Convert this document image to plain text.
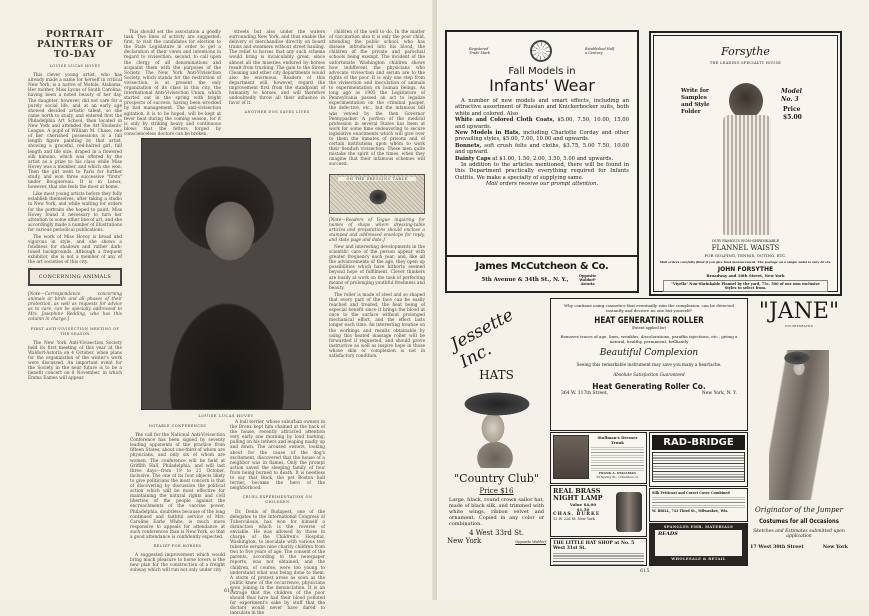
PORTRAIT PAINTERS OF TO-DAY
LOUISE LUCAS HOVEY

This clever young artist, who has already made a name for herself in critical New York, is a native of Mobile, Alabama. Her mother, Miss Lyons of South Carolina, having been a noted beauty of her day. The daughter, however, did not care for a purely social life, and at an early age showed decided artistic talent, so she came north to study, and entered first the Philadelphia Art School, then located in New York and attended the Art Students' League. A pupil of William M. Chase, one of her cherished possessions is a full length figure painting by that artist, showing a graceful, red-haired girl, full length and life size, draped in a flowered silk kimono, which was offered by the artist as a prize to his class while Miss Hovey was a member, and which she won. Then the girl went to Paris for further study, and won three successive "firsts" under Bouguereau. It is in Lenox, however, that she feels the most at home.

Like most young artists before they fully establish themselves, after taking a studio in New York, and while waiting for orders for the portraits she hoped to paint, Miss Hovey found it necessary to turn her attention to some other line of art, and she accordingly made a number of illustrations for various periodical publications.

The work of Miss Hovey is broad and vigorous in style, and she shows a fondness for shadows and rather dark-toned backgrounds. Although a frequent exhibitor, she is not a member of any of the art societies of this city.

CONCERNING ANIMALS

[Note—Correspondence concerning animals or birds and all phases of their protection, as well as requests for advice as to care, can be specially addressed to Mrs. Josephine Redding, who has this column in charge.]

FIRST ANTI-VIVISECTION MEETING OF THE SEASON

The New York Anti-Vivisection Society held its first meeting of this year at the Waldorf-Astoria on 4 October, when plans for the organization of the winter's work were discussed. An important event for the Society in the near future is to be a benefit concert on 8 November, in which Emma Eames will appear.

This should set the association a goodly task. Two lines of activity are suggested; first, to visit the candidates for election to the State Legislature in order to get a declaration of their views and intentions in regard to vivisection; second, to call upon the clergy of all denominations and acquaint them with the purposes of the Society. The New York Anti-Vivisection Society, which stands for the restriction of vivisection, is at present the only organization of its class in this city, the International Anti-Vivisection Union, which started out in the spring with bright prospects of success, having been wrecked by bad management. The anti-vivisection agitation, it is to be hoped, will be kept at fever heat during the coming season, for it is only by striking heavy and continuous blows that the fetters forged by conscienceless doctors can be broken.

streets but also under the waters surrounding New York, and thus enable the delivery of merchandise directly on board trains and steamers without street hauling. The relief to horses that any such scheme would bring is incalculably great, since almost all the miseries endured by horses result from trucking. The gain to the Street Cleaning and other city departments would also be enormous. Readers of this department will, however, regard the improvement first from the standpoint of humanity to horses, and will therefore undoubtedly throw all their influence in favor of it.

ANOTHER DOG SAVES LIVES
LOUISE LUCAS HOVEY
NOTABLE CONFERENCES

The call for the National Anti-Vivisection Conference has been signed by seventy leading opponents of the practice from fifteen States, about one-third of whom are physicians, and only six of whom are women. The conference will be held at Griffith Hall, Philadelphia, and will last three days—from 19 to 21 October, inclusive. The one of its four objects likely to give politicians the most concern is that of discovering by discussion the political action which will be most effective for maintaining the natural rights and civil liberties of the people against the encroachments of the vaccine power. Philadelphia, doubtless because of the long continued and faithful service of Mrs. Caroline Earle White, is much more responsive to appeals for attendance at such conferences than is New York, so that a good attendance is confidently expected.

RELIEF FOR HORSES

A suggested improvement which would bring much pleasure to horse lovers is the new plan for the construction of a freight subway which will run not only under city

A bull terrier, whose suburban owners in the Bronx kept him chained at the back of the house, recently attracted attention very early one morning by loud barking, pulling on his tethers and leaping madly up and down. The aroused owners, looking about for the cause of the dog's excitement, discovered that the house of a neighbor was in flames. Only the prompt action saved the sleeping family of four from being burned to death. It is needless to say that Buck, the pet Boston bull terrier, became the hero of the neighborhood.

CRUEL EXPERIMENTATION ON CHILDREN

Dr. Denis of Budapest, one of the delegates to the International Congress of Tuberculosis, has won for himself a distinction which is the reverse of enviable. He was allowed by those in charge of the Children's Hospital, Washington, to inoculate with various test tubercle serums nine charity children from two to five years of age. The consent of the parents, according to the newspaper reports, was not obtained, and the children, of course, were too young to understand what was being done to them. A storm of protest arose as soon as the public knew of the occurrence, physicians even joining in the denunciation. It is an outrage that the children of the poor should thus have had their blood polluted for experiment's sake by stuff that the doctors would never have dared to inoculate in the

children of the well to do. In the matter of vaccination also it is only the poor child, attending the public school, who has disease introduced into his blood, the children of the private and parochial schools being exempt. The incident of the unfortunate Washington children shows how indifferent the physicians who advocate vivisection and serum are to the rights of the poor. It is only one step from the vivisection and inoculation of animals to experimentation on human beings. As long ago as 1905 the Legislature of Pennsylvania passed an act to legalize experimentation on the criminal pauper, the defective, etc., but the infamous bill was vetoed by the then Governor Pennypacker. A portion of the medical profession in several States has been at work for some time endeavoring to secure legislative enactments which will give over to them the inmates of prisons and of certain institutions upon whom to work their fiendish vivisection. These men quite mistake the spirit of the times, when they imagine that their infamous schemes will succeed.

ON THE DRESSING TABLE

[Note—Readers of Vogue inquiring for names of shops where dressing-table articles and preparations should enclose a stamped and addressed envelope for reply, and state page and date.]

New and interesting developments in the scientific care of the person appear with greater frequency each year, and, like all the advancements of the age, they open up possibilities which have hitherto seemed beyond hope of fulfilment. Clever thinkers are busily at work on the task of perfecting means of prolonging youthful freshness and beauty.

The roller is made of steel and so shaped that every part of the face can be easily reached and treated, the heat being of especial benefit since it brings the blood at once to the surface without prolonged mechanical effort, and the effect lasts longer each time. An interesting treatise on the workings and results obtainable by using this heated massage roller will be forwarded if requested, and should prove instructive as well as inspire hope in those whose skin or complexion is not in satisfactory condition.

614
Registered Trade Mark
Established Half a Century
Fall Models in
Infants' Wear

A number of new models and smart effects, including an attractive assortment of Russian and Knickerbocker suits, both white and colored. Also

White and Colored Cloth Coats, $5.00, 7.50, 10.00, 15.00 and upwards.

New Models in Hats, including Charlotte Corday and other prevailing styles, $5.00, 7.00, 10.00 and upwards.

Bonnets, soft crush felts and cloths, $3.75, 5.00 7.50, 10.00 and upward.

Dainty Caps at $1.00, 1.50, 2.00, 3.50, 5.00 and upwards.

In addition to the articles mentioned, there will be found in this Department practically everything required for Infants Outfits. We make a specialty of supplying same.

Mail orders receive our prompt attention.

James McCutcheon & Co.
5th Avenue & 34th St., N. Y.,
Opposite Waldorf-Astoria
Forsythe
THE LEADING SPECIALTY HOUSE
Write for Samples and Style Folder
Model No. 3
Price $5.00
OUR FAMOUS NON-SHRINKABLE
FLANNEL WAISTS
FOR GOLFING, TENNIS, OUTING, ETC.
Mail orders carefully filled if you give bust measurement. The postage on a single waist is only 20 cts.
JOHN FORSYTHE
Broadway and 18th Street, New York
"Viyella" Non-Shrinkable Flannel by the yard, 75c. 500 of our own exclusive Styles to select from.
Jessette Inc.
HATS
"Country Club"
Price $16
Large, black, round crown sailor hat, made of black silk, and trimmed with white wings, ribbon velvet and ornament. Copied in any color or combination.
4 West 33rd St.
New York	Opposite Waldorf
Why continue using cosmetics that eventually ruin the complexion, can be detected instantly and deceive no one but yourself?
HEAT GENERATING ROLLER
(Patent applied for)
Removes traces of age, lines, wrinkles, discolorations, paraffin injections, etc., giving a natural, healthy, permanent, brilliantly
Beautiful Complexion
Seeing this remarkable instrument may save you many a heartache.
Absolute Satisfaction Guaranteed
Heat Generating Roller Co.
364 W. 117th Street,	New York, N. Y.
Stallman's Dresser Trunk
FRANK A. STALLMAN
35 Spring St., Columbus, O.
REAL BRASS NIGHT LAMP
Value $4.00
$1.50
CHAS. BURKE
12 W. 22d St. New York
THE LITTLE HAT SHOP at No. 5 West 31st St.
RAD-BRIDGE
Silk Petticoat and Corset Cover Combined
W. BRILL, 743 Third St., Milwaukee, Wis.
SPANGLES EMB. MATERIALS
BEADS
WHOLESALE & RETAIL
"JANE"
INCORPORATED
Originator of the Jumper
Costumes for all Occasions
Sketches and Estimates submitted upon application
17 West 30th Street	New York
615
